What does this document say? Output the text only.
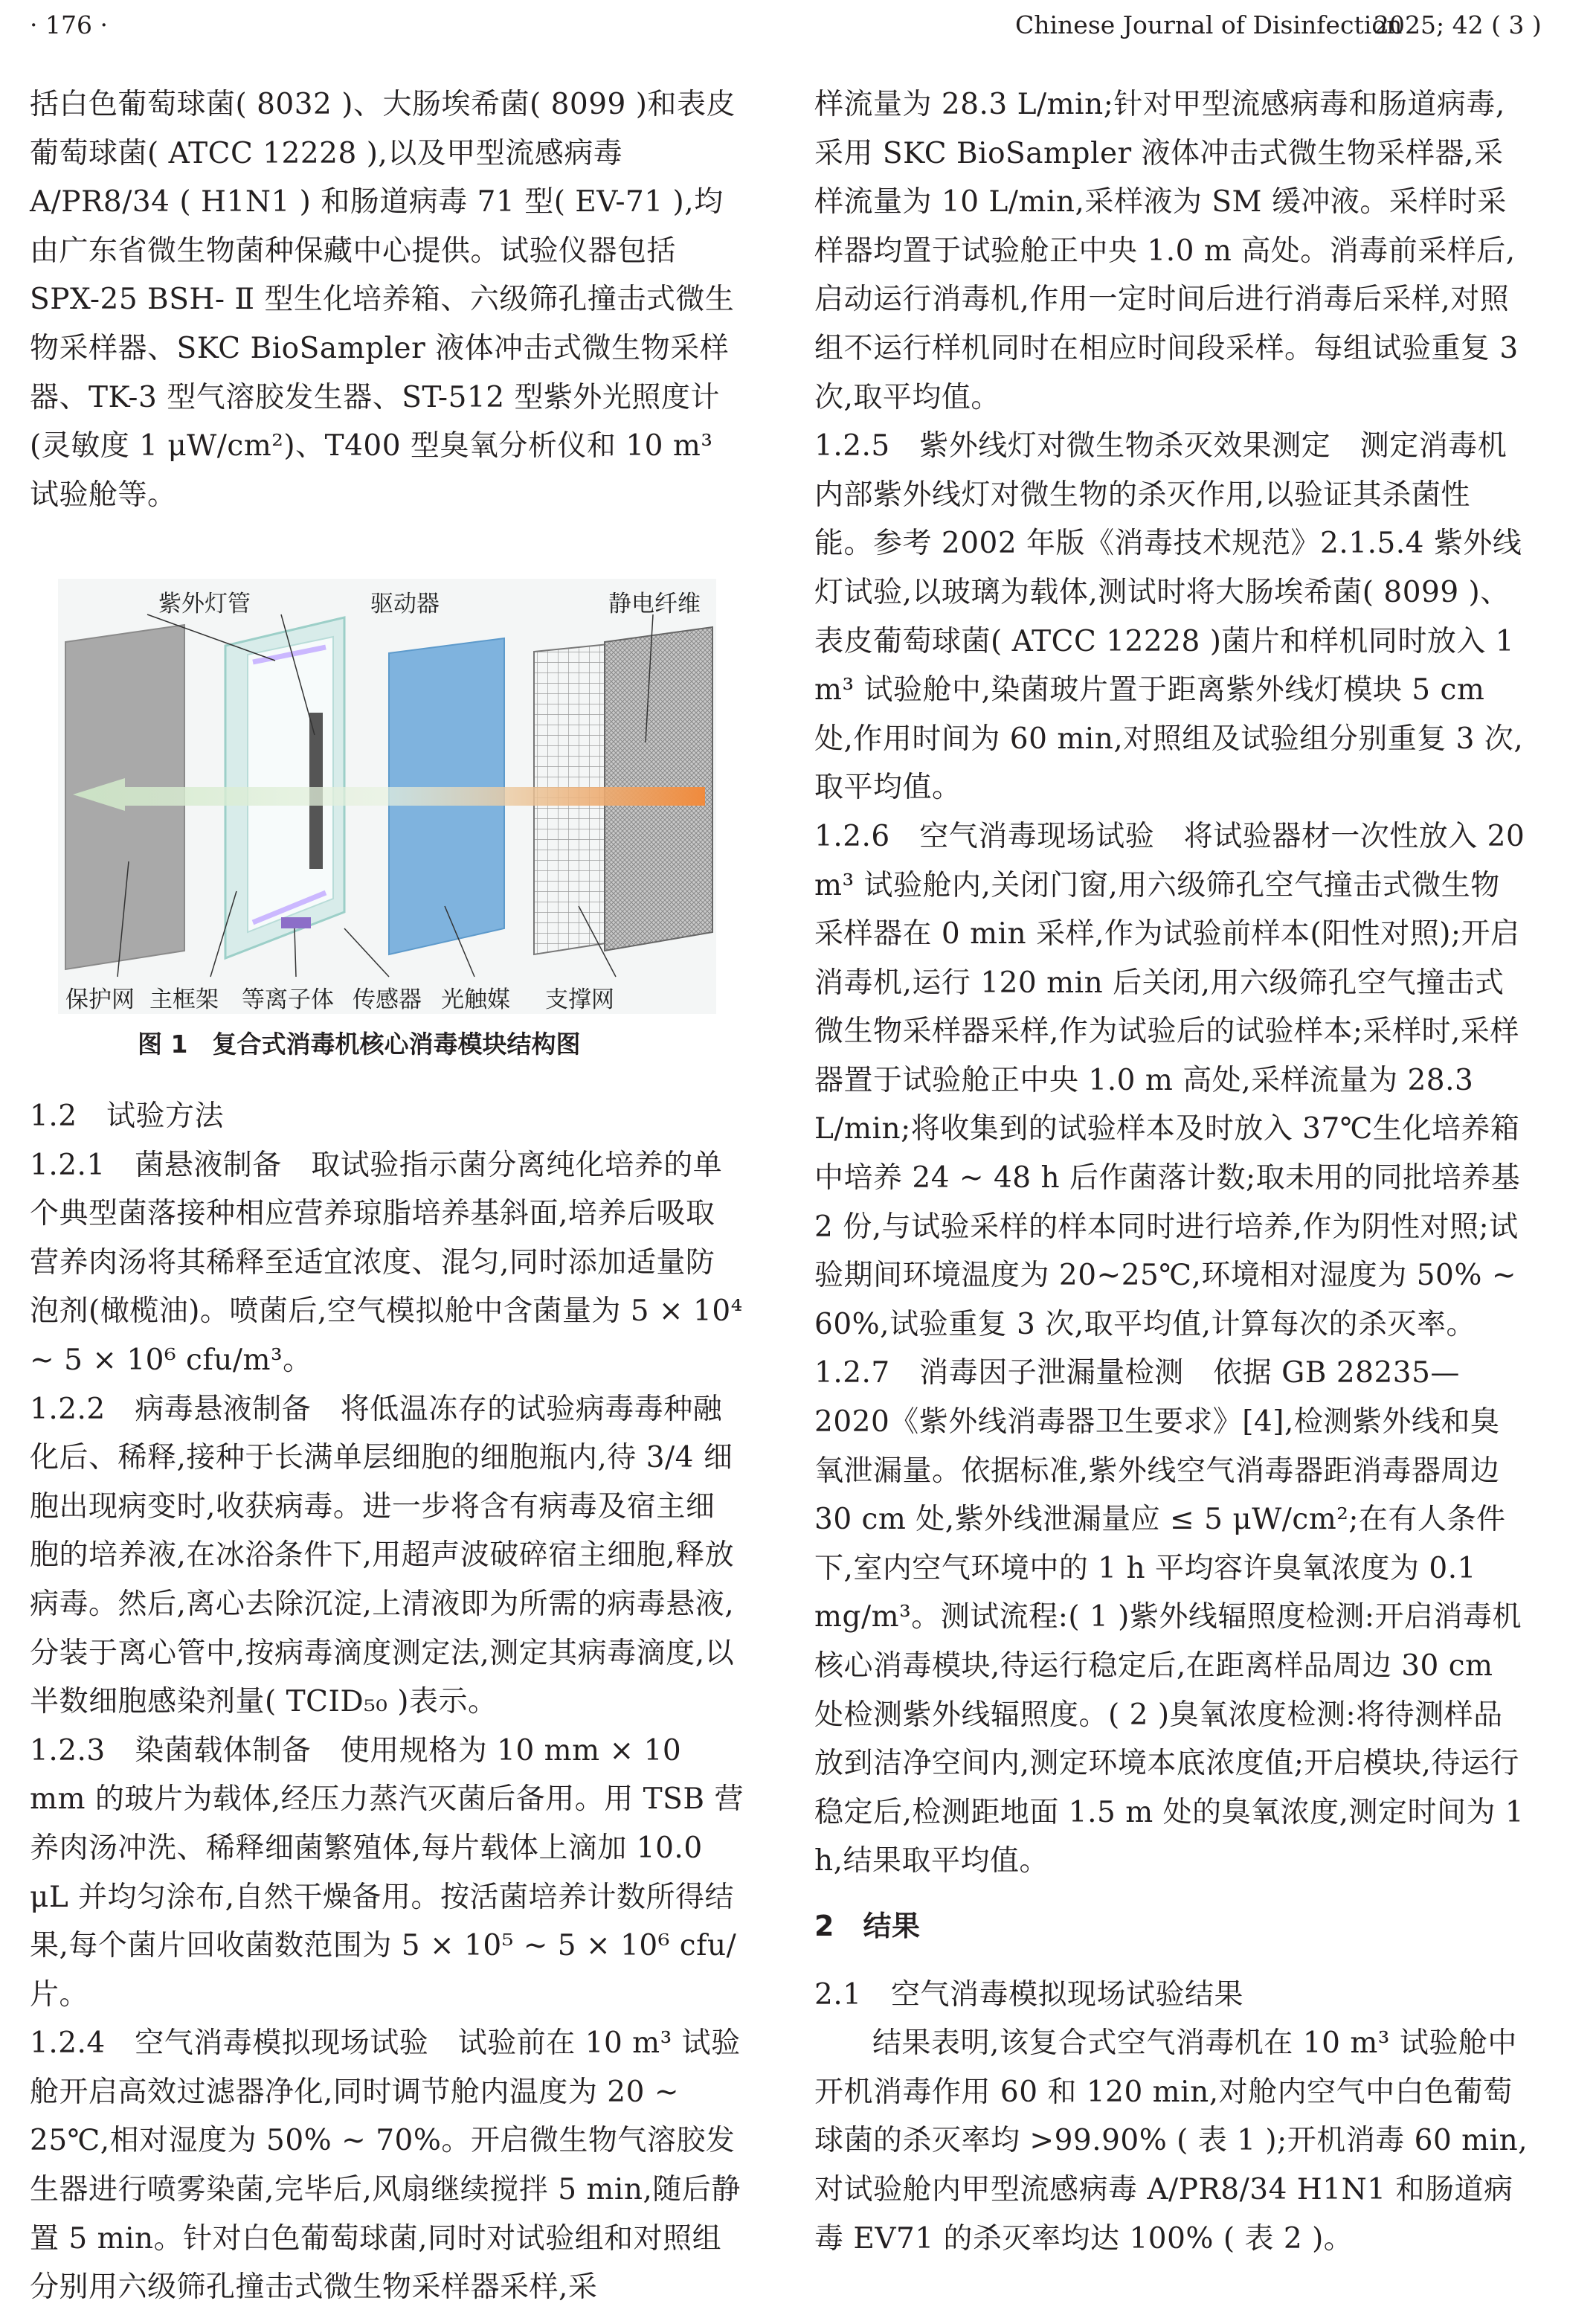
· 176 ·	Chinese Journal of Disinfection
2025; 42 ( 3 )

括白色葡萄球菌( 8032 )、大肠埃希菌( 8099 )和表皮葡萄球菌( ATCC 12228 ),以及甲型流感病毒 A/PR8/34 ( H1N1 ) 和肠道病毒 71 型( EV-71 ),均由广东省微生物菌种保藏中心提供。试验仪器包括 SPX-25 BSH- Ⅱ 型生化培养箱、六级筛孔撞击式微生物采样器、SKC BioSampler 液体冲击式微生物采样器、TK-3 型气溶胶发生器、ST-512 型紫外光照度计(灵敏度 1 μW/cm²)、T400 型臭氧分析仪和 10 m³ 试验舱等。

紫外灯管	驱动器	静电纤维
保护网 主框架 等离子体 传感器 光触媒 支撑网
图 1　复合式消毒机核心消毒模块结构图

1.2　试验方法

1.2.1　菌悬液制备　取试验指示菌分离纯化培养的单个典型菌落接种相应营养琼脂培养基斜面,培养后吸取营养肉汤将其稀释至适宜浓度、混匀,同时添加适量防泡剂(橄榄油)。喷菌后,空气模拟舱中含菌量为 5 × 10⁴ ~ 5 × 10⁶ cfu/m³。

1.2.2　病毒悬液制备　将低温冻存的试验病毒毒种融化后、稀释,接种于长满单层细胞的细胞瓶内,待 3/4 细胞出现病变时,收获病毒。进一步将含有病毒及宿主细胞的培养液,在冰浴条件下,用超声波破碎宿主细胞,释放病毒。然后,离心去除沉淀,上清液即为所需的病毒悬液,分装于离心管中,按病毒滴度测定法,测定其病毒滴度,以半数细胞感染剂量( TCID₅₀ )表示。

1.2.3　染菌载体制备　使用规格为 10 mm × 10 mm 的玻片为载体,经压力蒸汽灭菌后备用。用 TSB 营养肉汤冲洗、稀释细菌繁殖体,每片载体上滴加 10.0 μL 并均匀涂布,自然干燥备用。按活菌培养计数所得结果,每个菌片回收菌数范围为 5 × 10⁵ ~ 5 × 10⁶ cfu/ 片。

1.2.4　空气消毒模拟现场试验　试验前在 10 m³ 试验舱开启高效过滤器净化,同时调节舱内温度为 20 ~ 25℃,相对湿度为 50% ~ 70%。开启微生物气溶胶发生器进行喷雾染菌,完毕后,风扇继续搅拌 5 min,随后静置 5 min。针对白色葡萄球菌,同时对试验组和对照组分别用六级筛孔撞击式微生物采样器采样,采

样流量为 28.3 L/min;针对甲型流感病毒和肠道病毒,采用 SKC BioSampler 液体冲击式微生物采样器,采样流量为 10 L/min,采样液为 SM 缓冲液。采样时采样器均置于试验舱正中央 1.0 m 高处。消毒前采样后,启动运行消毒机,作用一定时间后进行消毒后采样,对照组不运行样机同时在相应时间段采样。每组试验重复 3 次,取平均值。

1.2.5　紫外线灯对微生物杀灭效果测定　测定消毒机内部紫外线灯对微生物的杀灭作用,以验证其杀菌性能。参考 2002 年版《消毒技术规范》2.1.5.4 紫外线灯试验,以玻璃为载体,测试时将大肠埃希菌( 8099 )、表皮葡萄球菌( ATCC 12228 )菌片和样机同时放入 1 m³ 试验舱中,染菌玻片置于距离紫外线灯模块 5 cm 处,作用时间为 60 min,对照组及试验组分别重复 3 次,取平均值。

1.2.6　空气消毒现场试验　将试验器材一次性放入 20 m³ 试验舱内,关闭门窗,用六级筛孔空气撞击式微生物采样器在 0 min 采样,作为试验前样本(阳性对照);开启消毒机,运行 120 min 后关闭,用六级筛孔空气撞击式微生物采样器采样,作为试验后的试验样本;采样时,采样器置于试验舱正中央 1.0 m 高处,采样流量为 28.3 L/min;将收集到的试验样本及时放入 37℃生化培养箱中培养 24 ~ 48 h 后作菌落计数;取未用的同批培养基 2 份,与试验采样的样本同时进行培养,作为阴性对照;试验期间环境温度为 20~25℃,环境相对湿度为 50% ~ 60%,试验重复 3 次,取平均值,计算每次的杀灭率。

1.2.7　消毒因子泄漏量检测　依据 GB 28235—2020《紫外线消毒器卫生要求》[4],检测紫外线和臭氧泄漏量。依据标准,紫外线空气消毒器距消毒器周边 30 cm 处,紫外线泄漏量应 ≤ 5 μW/cm²;在有人条件下,室内空气环境中的 1 h 平均容许臭氧浓度为 0.1 mg/m³。测试流程:( 1 )紫外线辐照度检测:开启消毒机核心消毒模块,待运行稳定后,在距离样品周边 30 cm 处检测紫外线辐照度。( 2 )臭氧浓度检测:将待测样品放到洁净空间内,测定环境本底浓度值;开启模块,待运行稳定后,检测距地面 1.5 m 处的臭氧浓度,测定时间为 1 h,结果取平均值。

2　结果

2.1　空气消毒模拟现场试验结果

结果表明,该复合式空气消毒机在 10 m³ 试验舱中开机消毒作用 60 和 120 min,对舱内空气中白色葡萄球菌的杀灭率均 >99.90% ( 表 1 );开机消毒 60 min,对试验舱内甲型流感病毒 A/PR8/34 H1N1 和肠道病毒 EV71 的杀灭率均达 100% ( 表 2 )。
